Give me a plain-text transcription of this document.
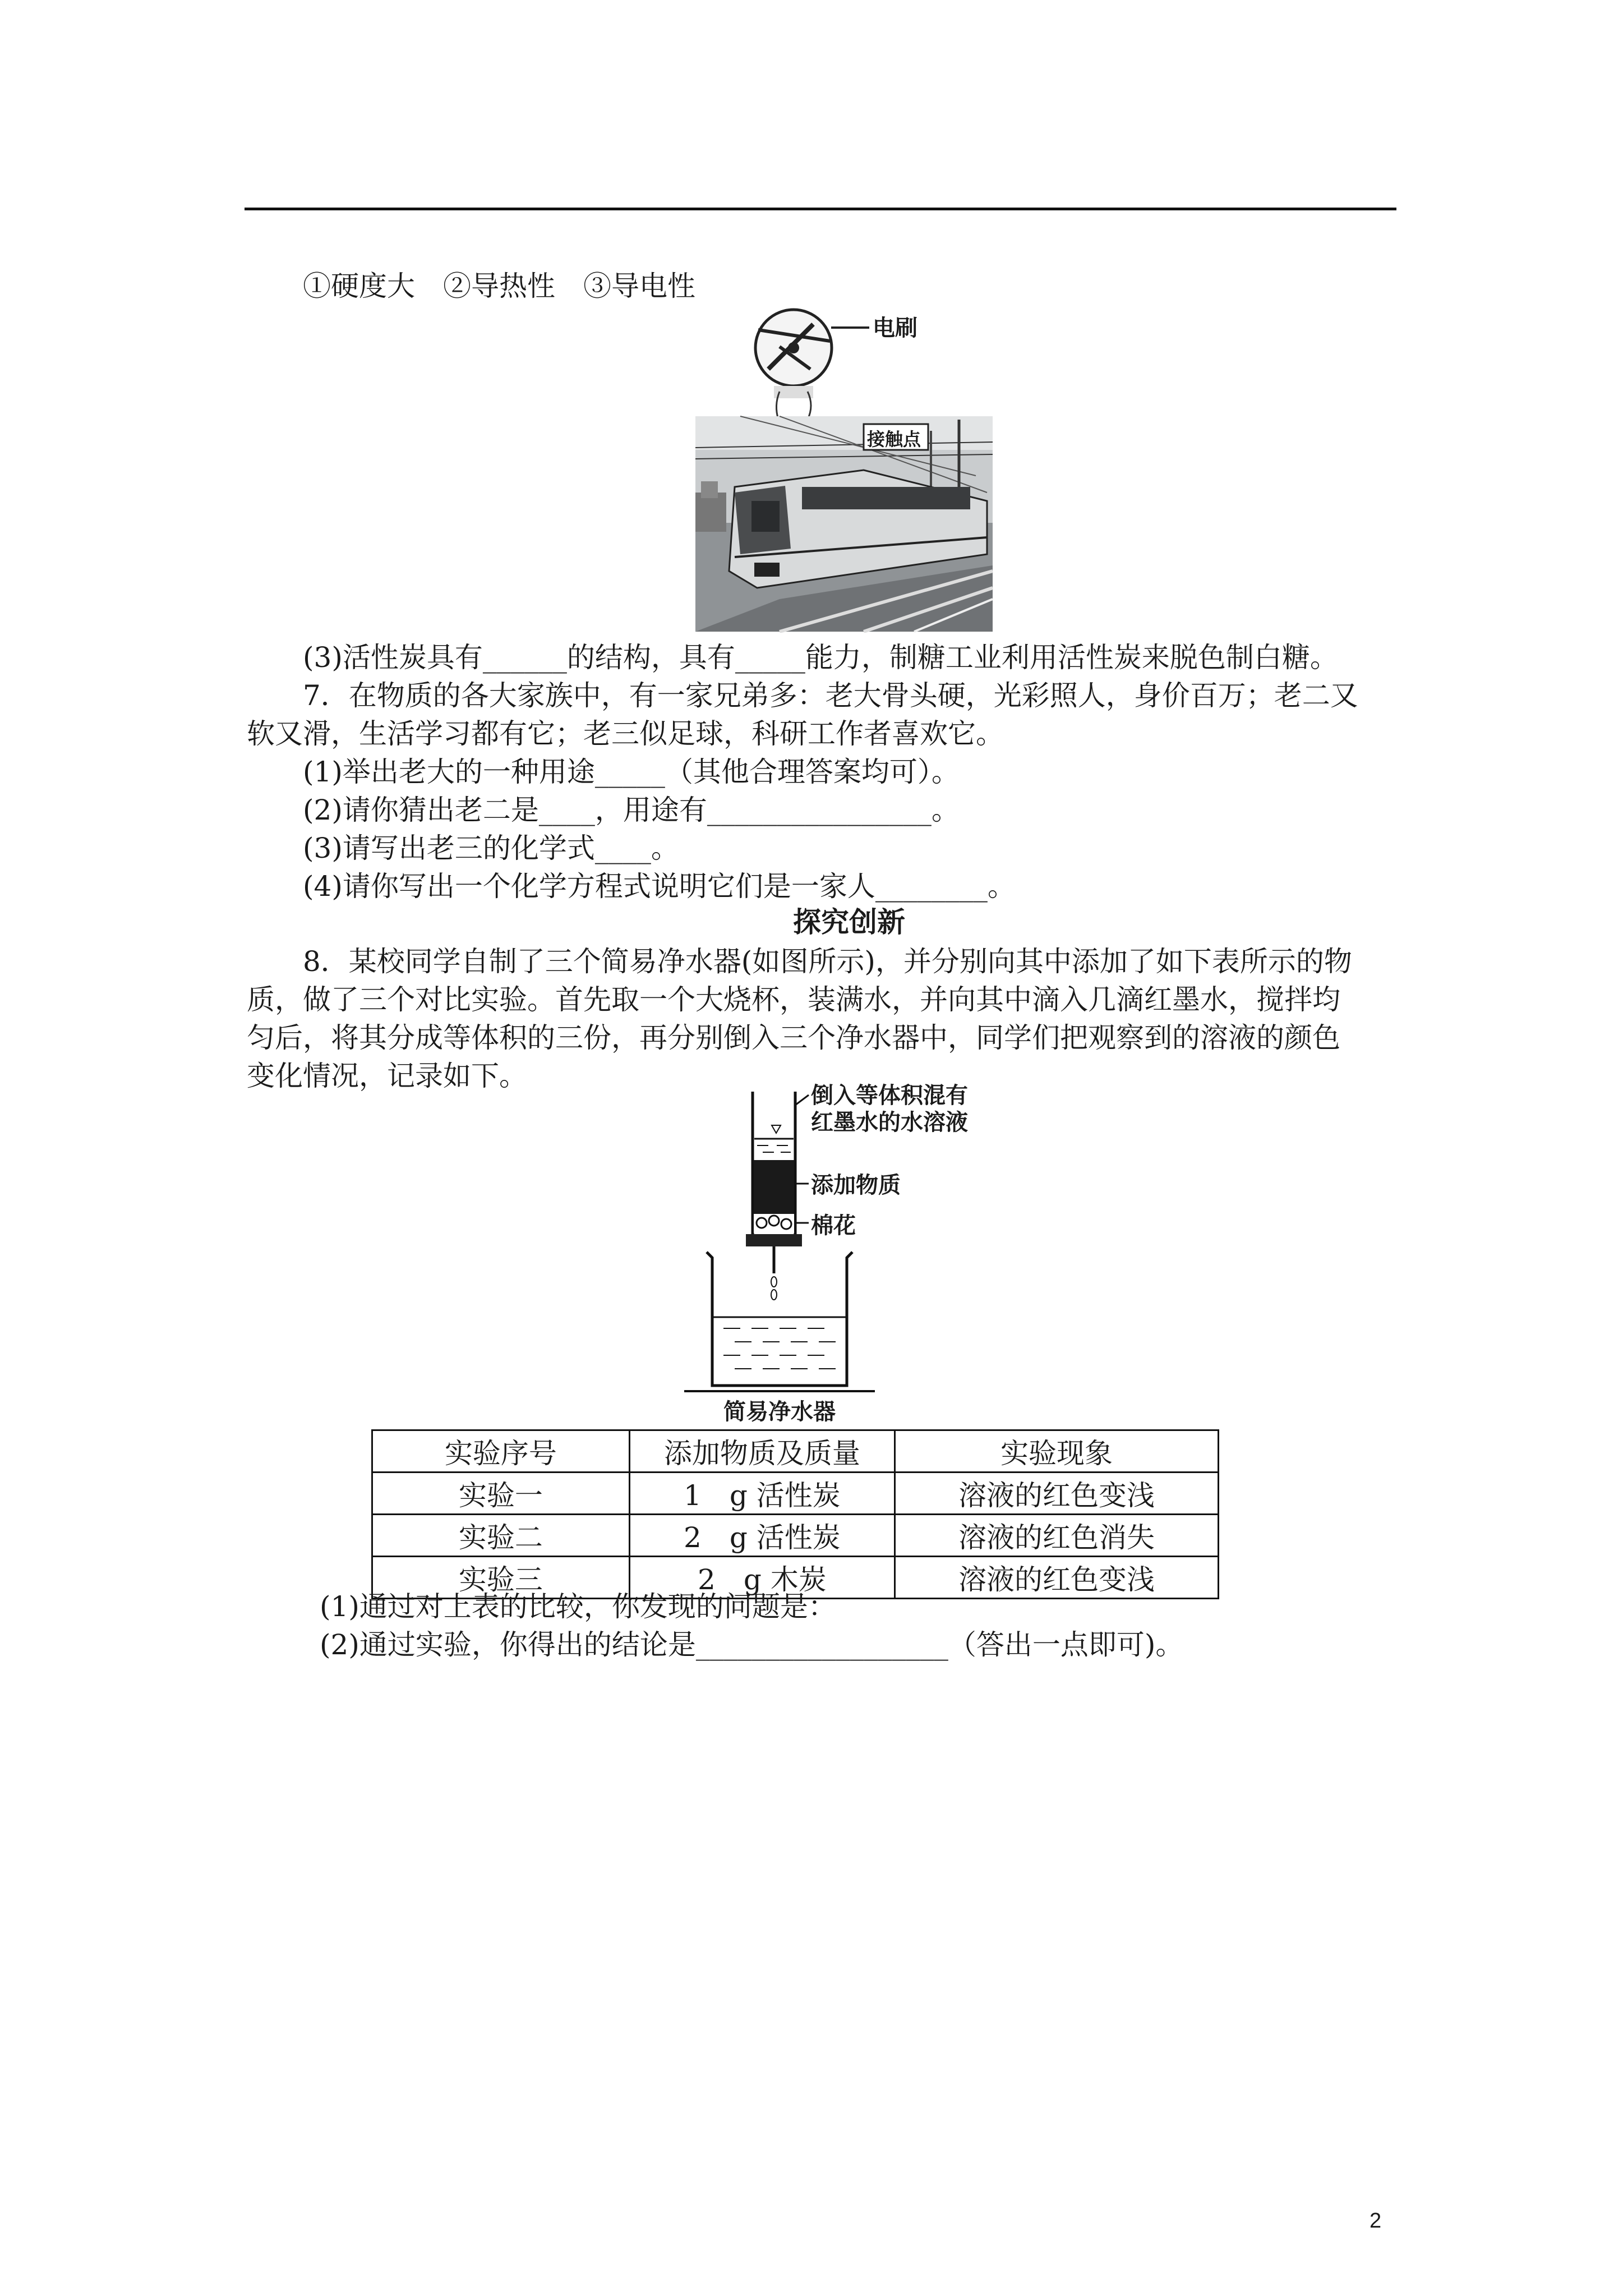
①硬度大　②导热性　③导电性
电刷
接触点
(3)活性炭具有______的结构，具有_____能力，制糖工业利用活性炭来脱色制白糖。
7．在物质的各大家族中，有一家兄弟多：老大骨头硬，光彩照人，身价百万；老二又
软又滑，生活学习都有它；老三似足球，科研工作者喜欢它。
(1)举出老大的一种用途_____（其他合理答案均可）。
(2)请你猜出老二是____，用途有________________。
(3)请写出老三的化学式____。
(4)请你写出一个化学方程式说明它们是一家人________。
探究创新
8．某校同学自制了三个简易净水器(如图所示)，并分别向其中添加了如下表所示的物
质，做了三个对比实验。首先取一个大烧杯，装满水，并向其中滴入几滴红墨水，搅拌均
匀后，将其分成等体积的三份，再分别倒入三个净水器中，同学们把观察到的溶液的颜色
变化情况，记录如下。
倒入等体积混有
红墨水的水溶液
添加物质
棉花
简易净水器
实验序号	添加物质及质量	实验现象
实验一	1　g 活性炭	溶液的红色变浅
实验二	2　g 活性炭	溶液的红色消失
实验三	2　g 木炭	溶液的红色变浅
(1)通过对上表的比较，你发现的问题是：
(2)通过实验，你得出的结论是__________________（答出一点即可)。
2
